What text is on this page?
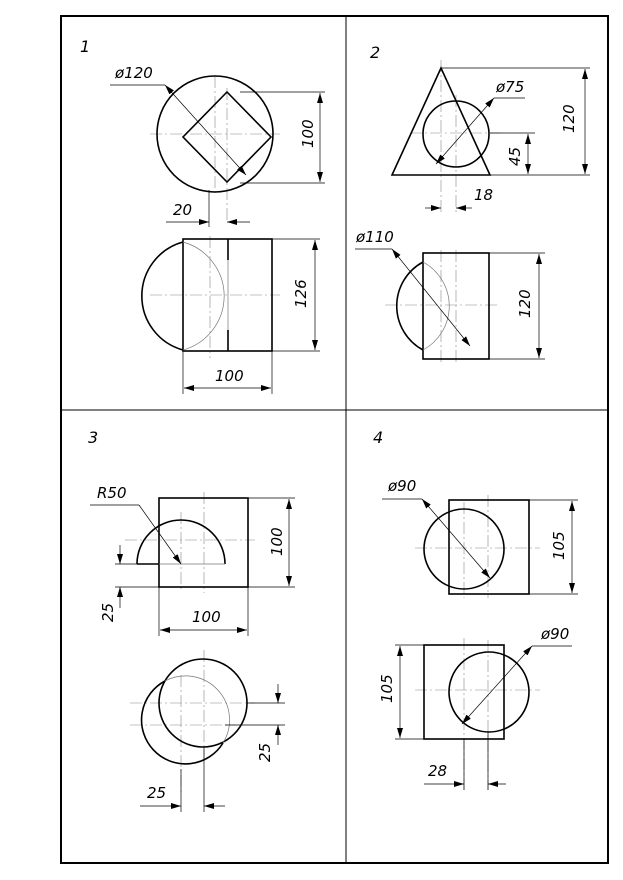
1
ø120
100
20
126
100
2
ø75
120
45
18
ø110
120
3
R50
100
25	100
25
25
4
ø90
105
ø90
105
28
